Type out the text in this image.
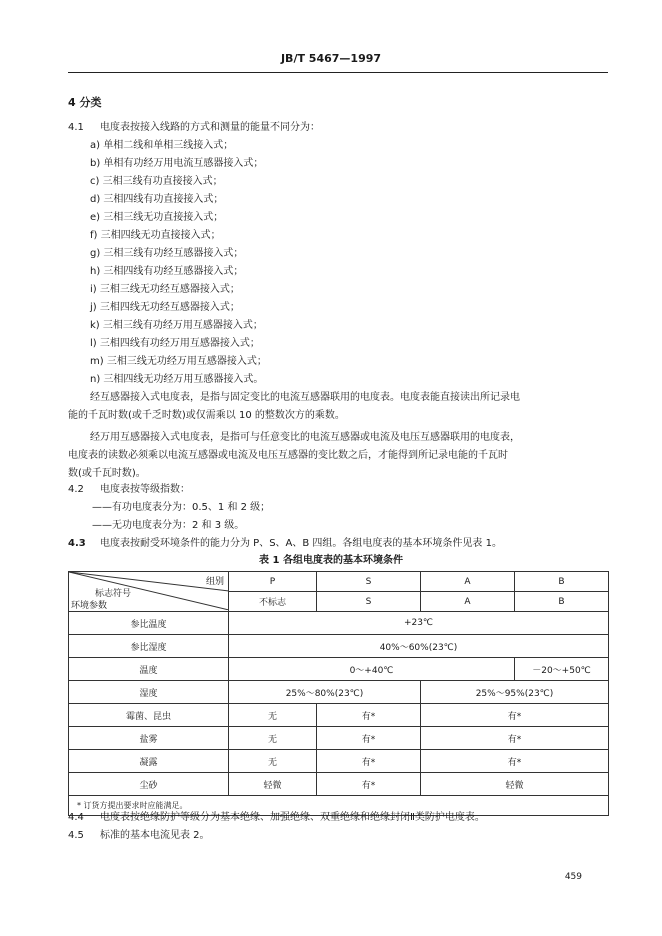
JB/T 5467—1997
4 分类
4.1 电度表按接入线路的方式和测量的能量不同分为：
a) 单相二线和单相三线接入式；
b) 单相有功经万用电流互感器接入式；
c) 三相三线有功直接接入式；
d) 三相四线有功直接接入式；
e) 三相三线无功直接接入式；
f) 三相四线无功直接接入式；
g) 三相三线有功经互感器接入式；
h) 三相四线有功经互感器接入式；
i) 三相三线无功经互感器接入式；
j) 三相四线无功经互感器接入式；
k) 三相三线有功经万用互感器接入式；
l) 三相四线有功经万用互感器接入式；
m) 三相三线无功经万用互感器接入式；
n) 三相四线无功经万用互感器接入式。
经互感器接入式电度表，是指与固定变比的电流互感器联用的电度表。电度表能直接读出所记录电
能的千瓦时数(或千乏时数)或仅需乘以 10 的整数次方的乘数。
经万用互感器接入式电度表，是指可与任意变比的电流互感器或电流及电压互感器联用的电度表，
电度表的读数必须乘以电流互感器或电流及电压互感器的变比数之后，才能得到所记录电能的千瓦时
数(或千瓦时数)。
4.2 电度表按等级指数：
——有功电度表分为：0.5、1 和 2 级；
——无功电度表分为：2 和 3 级。
4.3 电度表按耐受环境条件的能力分为 P、S、A、B 四组。各组电度表的基本环境条件见表 1。
表 1 各组电度表的基本环境条件
组别
标志符号
环境参数	P	S	A	B
	不标志	S	A	B
参比温度	+23℃			
参比湿度	40%～60%(23℃)			
温度	0～+40℃			－20～+50℃
湿度	25%～80%(23℃)		25%～95%(23℃)	
霉菌、昆虫	无	有*	有*	
盐雾	无	有*	有*	
凝露	无	有*	有*	
尘砂	轻微	有*	轻微	
* 订货方提出要求时应能满足。				
4.4 电度表按绝缘防护等级分为基本绝缘、加强绝缘、双重绝缘和绝缘封闭Ⅱ类防护电度表。
4.5 标准的基本电流见表 2。
459
